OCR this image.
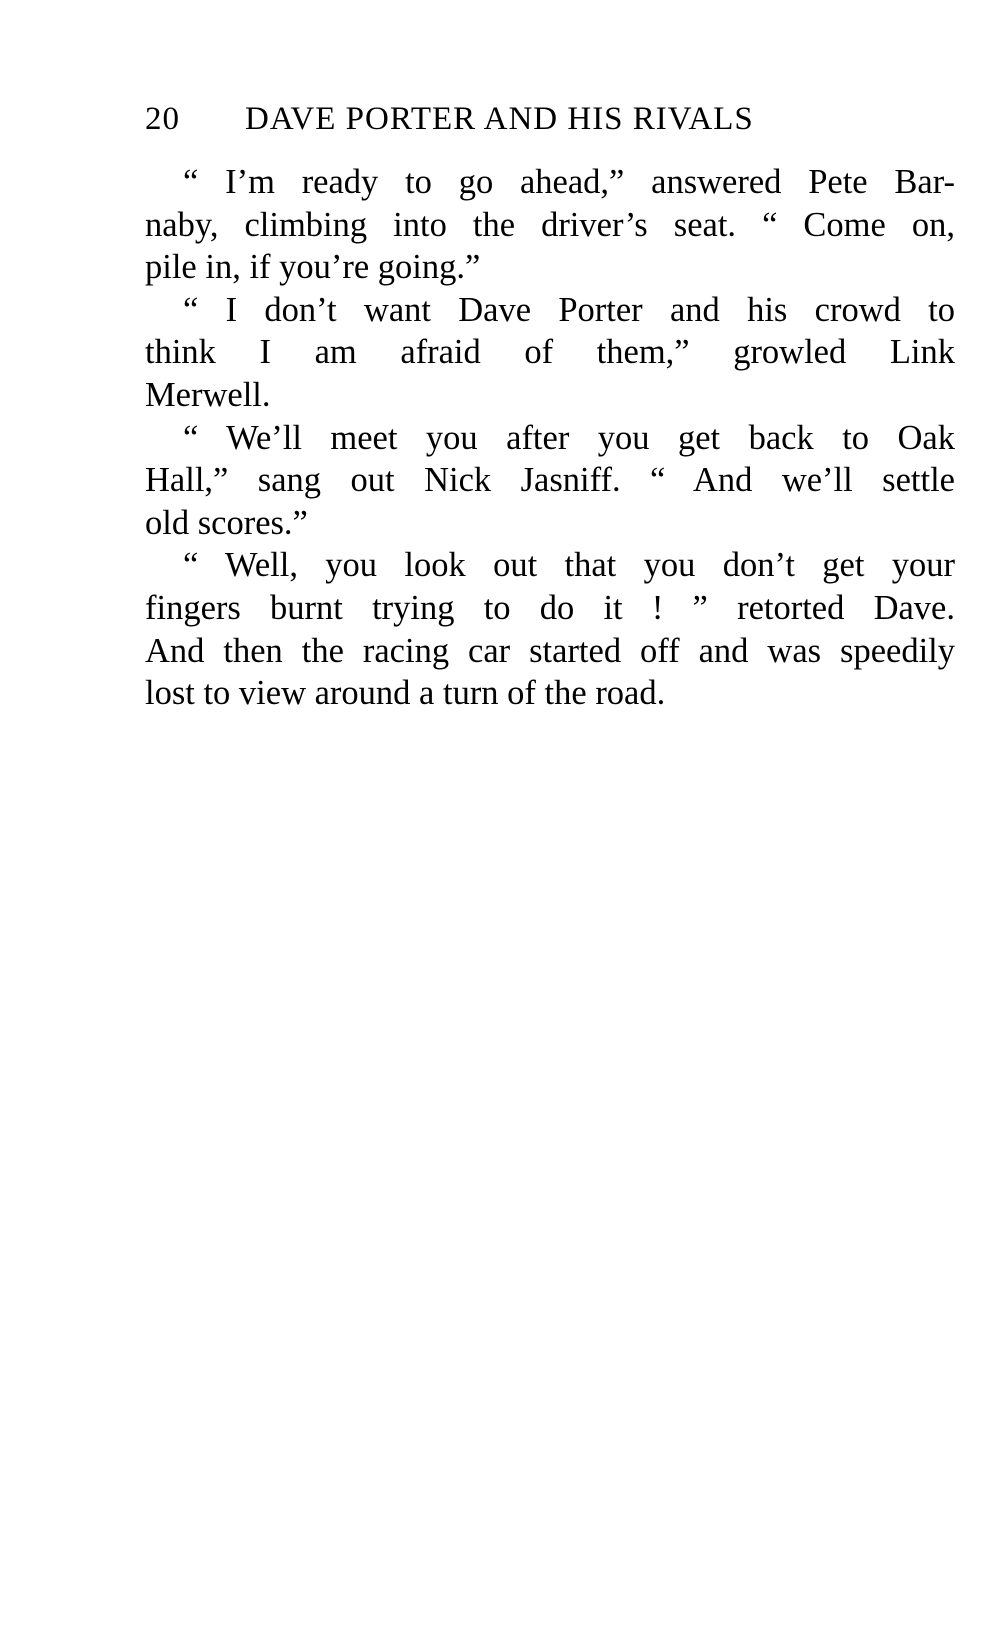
20 DAVE PORTER AND HIS RIVALS
“ I’m ready to go ahead,” answered Pete Bar-
naby, climbing into the driver’s seat. “ Come on,
pile in, if you’re going.”
“ I don’t want Dave Porter and his crowd to
think I am afraid of them,” growled Link
Merwell.
“ We’ll meet you after you get back to Oak
Hall,” sang out Nick Jasniff. “ And we’ll settle
old scores.”
“ Well, you look out that you don’t get your
fingers burnt trying to do it ! ” retorted Dave.
And then the racing car started off and was speedily
lost to view around a turn of the road.
